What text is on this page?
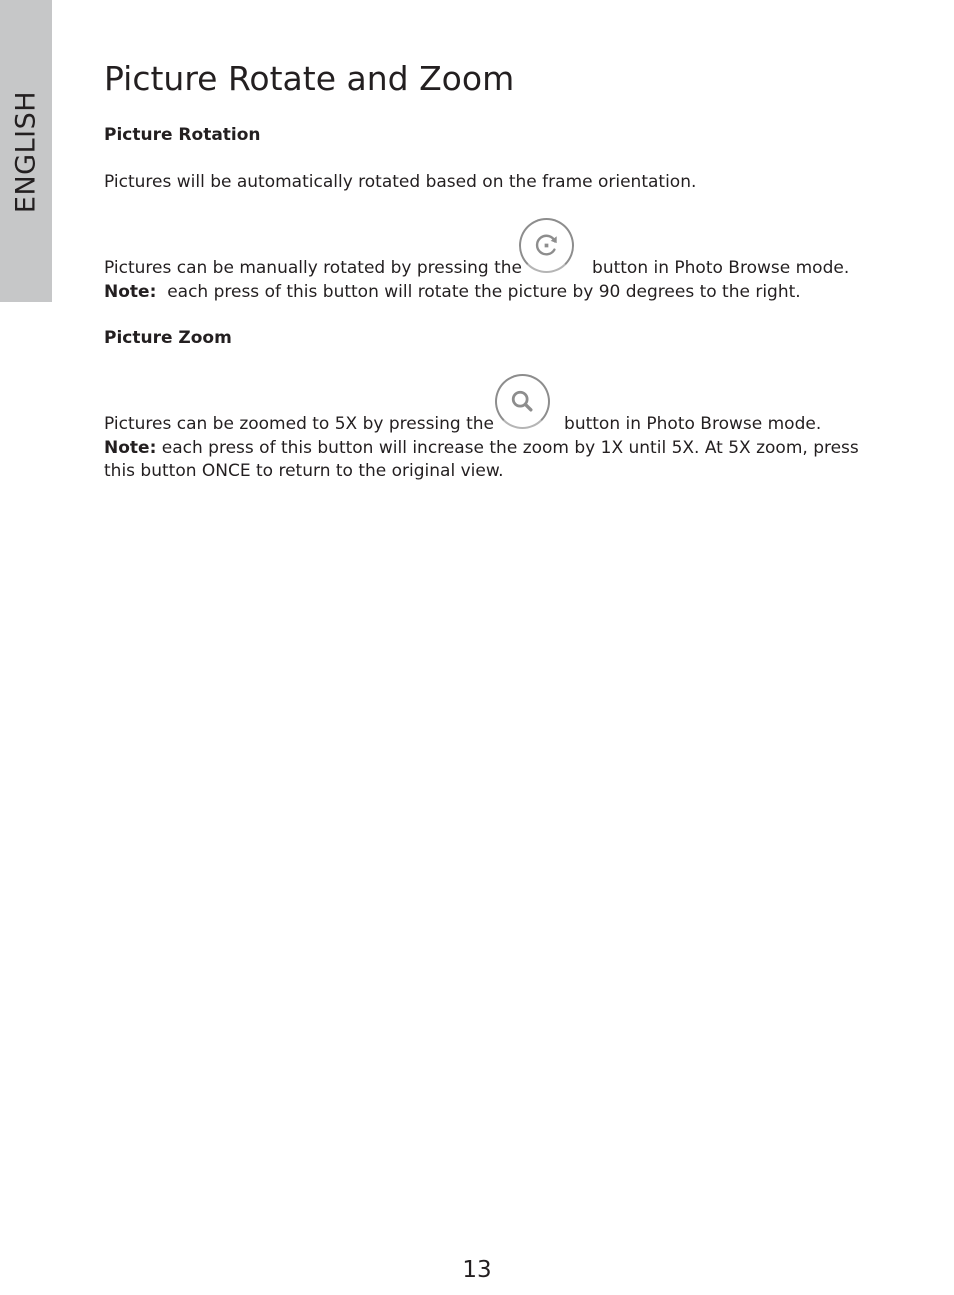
ENGLISH
Picture Rotate and Zoom
Picture Rotation

Pictures will be automatically rotated based on the frame orientation.

Pictures can be manually rotated by pressing the	button in Photo Browse mode.

Note: each press of this button will rotate the picture by 90 degrees to the right.

Picture Zoom

Pictures can be zoomed to 5X by pressing the	button in Photo Browse mode.

Note: each press of this button will increase the zoom by 1X until 5X. At 5X zoom, press

this button ONCE to return to the original view.

13
